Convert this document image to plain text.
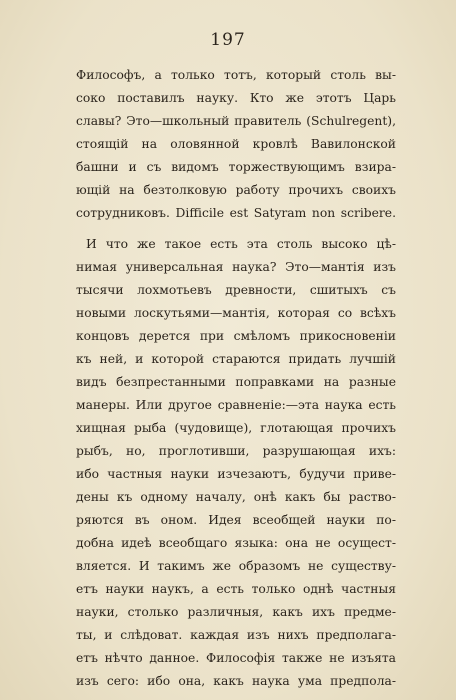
197
Философъ, а только тотъ, который столь вы-
соко поставилъ науку. Кто же этотъ Царь
славы? Это—школьный правитель (Schulregent),
стоящій на оловянной кровлѣ Вавилонской
башни и съ видомъ торжествующимъ взира-
ющій на безтолковую работу прочихъ своихъ
сотрудниковъ. Difficile est Satyram non scribere.
И что же такое есть эта столь высоко цѣ-
нимая универсальная наука? Это—мантія изъ
тысячи лохмотьевъ древности, сшитыхъ съ
новыми лоскутьями—мантія, которая со всѣхъ
концовъ дерется при смѣломъ прикосновеніи
къ ней, и которой стараются придать лучшій
видъ безпрестанными поправками на разные
манеры. Или другое сравненіе:—эта наука есть
хищная рыба (чудовище), глотающая прочихъ
рыбъ, но, проглотивши, разрушающая ихъ:
ибо частныя науки изчезаютъ, будучи приве-
дены къ одному началу, онѣ какъ бы раство-
ряются въ оном. Идея всеобщей науки по-
добна идеѣ всеобщаго языка: она не осущест-
вляется. И такимъ же образомъ не существу-
етъ науки наукъ, а есть только однѣ частныя
науки, столько различныя, какъ ихъ предме-
ты, и слѣдоват. каждая изъ нихъ предполага-
етъ нѣчто данное. Философія также не изъята
изъ сего: ибо она, какъ наука ума предпола-
